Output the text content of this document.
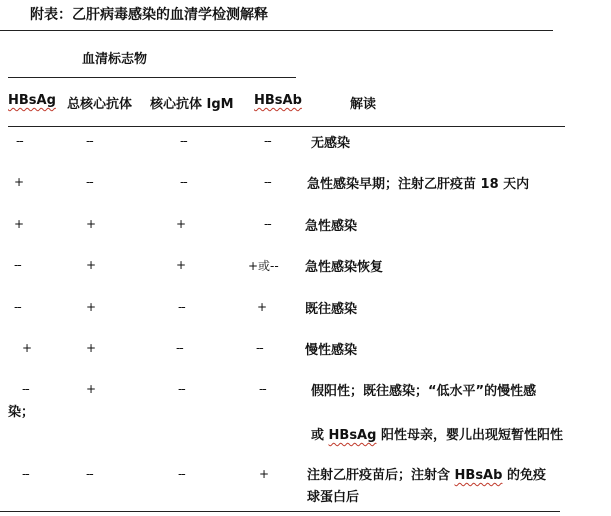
附表：乙肝病毒感染的血清学检测解释
血清标志物
HBsAg 总核心抗体 核心抗体 IgM HBsAb	解读
--	--	--	--	无感染
+	--	--	--	急性感染早期；注射乙肝疫苗 18 天内
+	+	+	--	急性感染
--	+	+	+或-- 急性感染恢复
--	+	--	+	既往感染
+	+	--	--	慢性感染
--	+	--	--	假阳性；既往感染；“低水平”的慢性感
染；
或 HBsAg 阳性母亲，婴儿出现短暂性阳性
--	--	--	+	注射乙肝疫苗后；注射含 HBsAb 的免疫
球蛋白后
